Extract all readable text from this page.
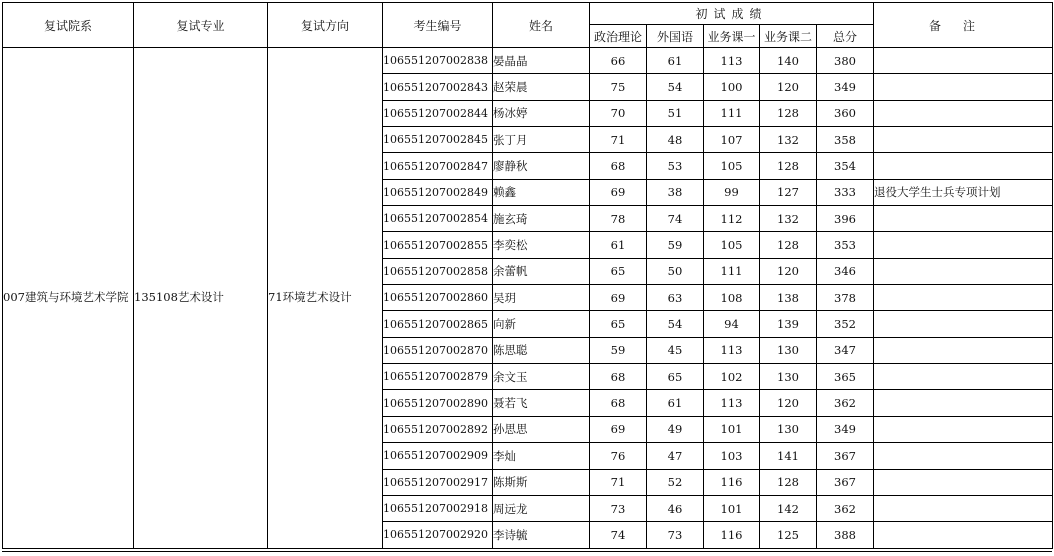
复试院系	复试专业	复试方向	考生编号	姓名	初试成绩					备注
					政治理论	外国语	业务课一	业务课二	总分	
007建筑与环境艺术学院	135108艺术设计	71环境艺术设计	106551207002838	晏晶晶	66	61	113	140	380	
			106551207002843	赵荣晨	75	54	100	120	349	
			106551207002844	杨冰婷	70	51	111	128	360	
			106551207002845	张丁月	71	48	107	132	358	
			106551207002847	廖静秋	68	53	105	128	354	
			106551207002849	赖鑫	69	38	99	127	333	退役大学生士兵专项计划
			106551207002854	施玄琦	78	74	112	132	396	
			106551207002855	李奕松	61	59	105	128	353	
			106551207002858	余蕾帆	65	50	111	120	346	
			106551207002860	吴玥	69	63	108	138	378	
			106551207002865	向新	65	54	94	139	352	
			106551207002870	陈思聪	59	45	113	130	347	
			106551207002879	余文玉	68	65	102	130	365	
			106551207002890	聂若飞	68	61	113	120	362	
			106551207002892	孙思思	69	49	101	130	349	
			106551207002909	李灿	76	47	103	141	367	
			106551207002917	陈斯斯	71	52	116	128	367	
			106551207002918	周远龙	73	46	101	142	362	
			106551207002920	李诗毓	74	73	116	125	388	
